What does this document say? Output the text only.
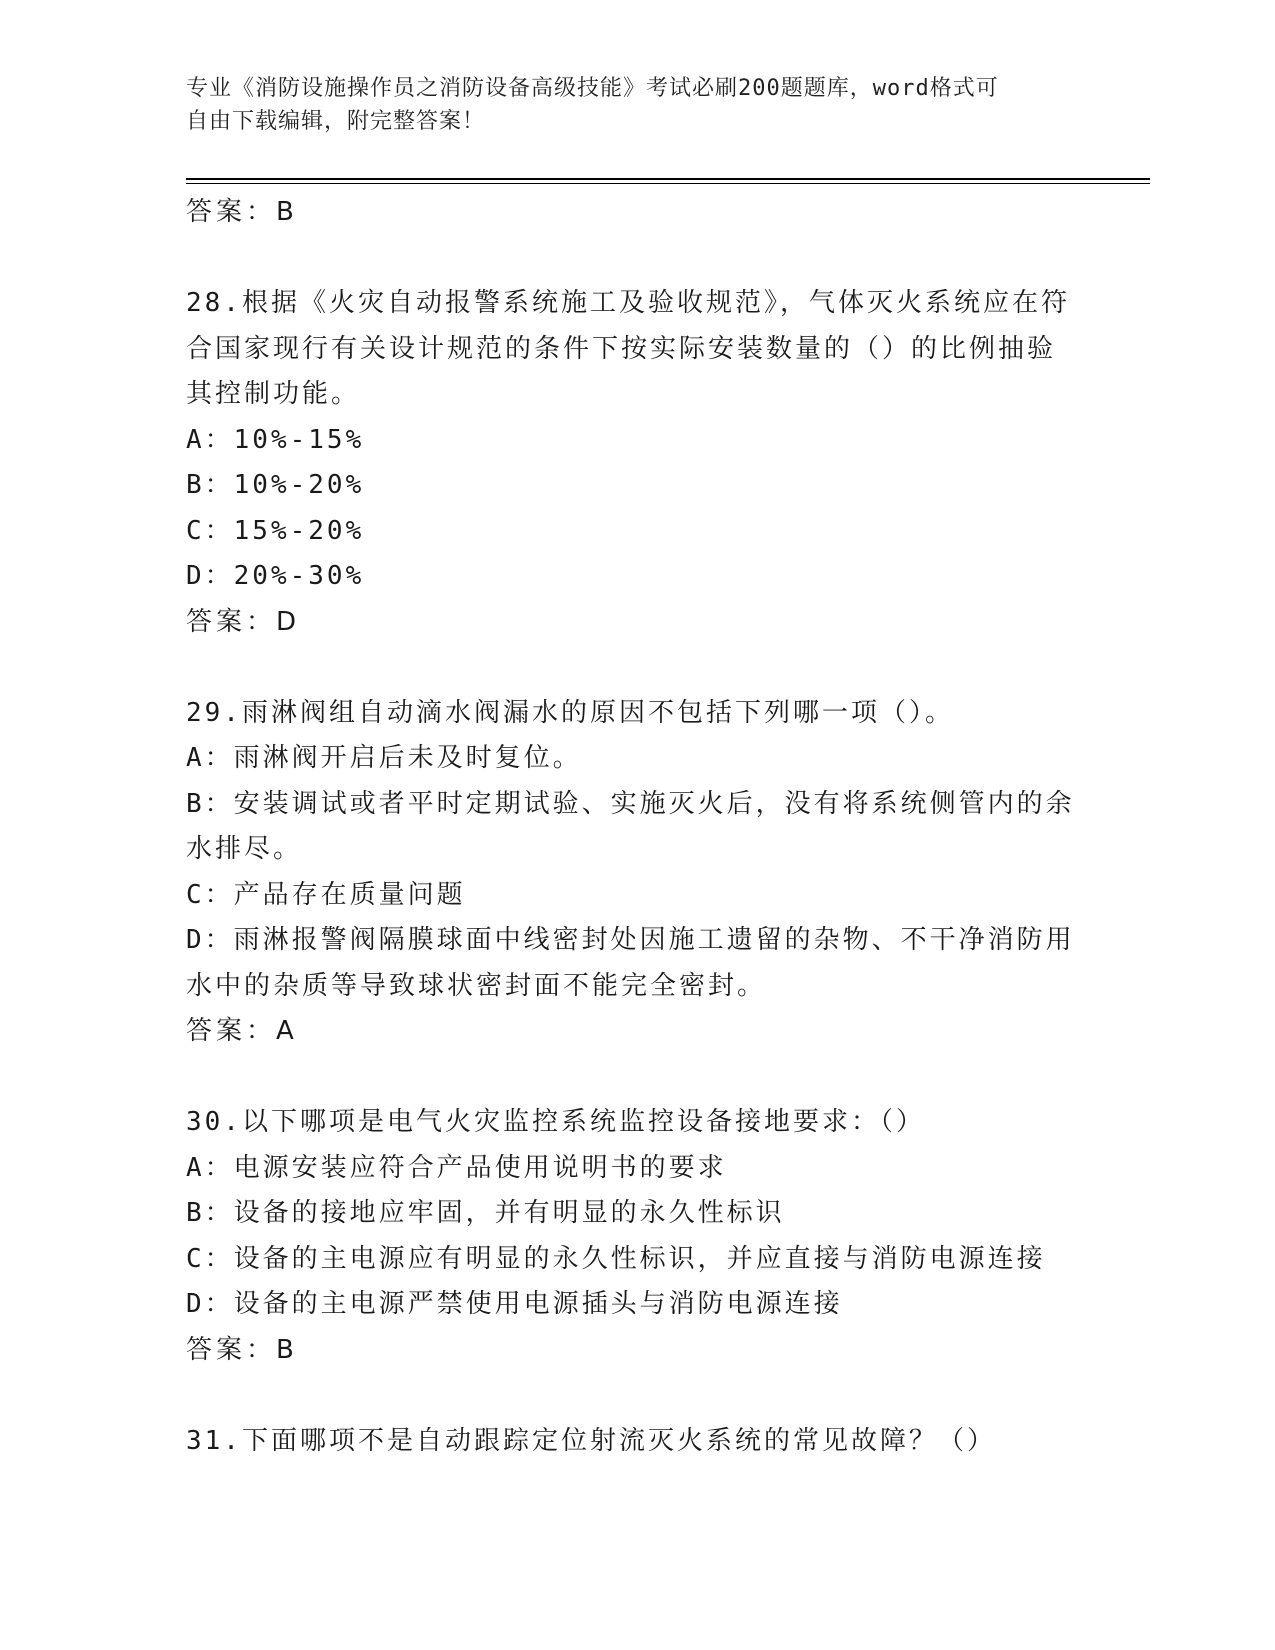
专业《消防设施操作员之消防设备高级技能》考试必刷200题题库，word格式可
自由下载编辑，附完整答案！
答案：B
28.根据《火灾自动报警系统施工及验收规范》，气体灭火系统应在符
合国家现行有关设计规范的条件下按实际安装数量的（）的比例抽验
其控制功能。
A：10%-15%
B：10%-20%
C：15%-20%
D：20%-30%
答案：D
29.雨淋阀组自动滴水阀漏水的原因不包括下列哪一项（）。
A：雨淋阀开启后未及时复位。
B：安装调试或者平时定期试验、实施灭火后，没有将系统侧管内的余
水排尽。
C：产品存在质量问题
D：雨淋报警阀隔膜球面中线密封处因施工遗留的杂物、不干净消防用
水中的杂质等导致球状密封面不能完全密封。
答案：A
30.以下哪项是电气火灾监控系统监控设备接地要求：（）
A：电源安装应符合产品使用说明书的要求
B：设备的接地应牢固，并有明显的永久性标识
C：设备的主电源应有明显的永久性标识，并应直接与消防电源连接
D：设备的主电源严禁使用电源插头与消防电源连接
答案：B
31.下面哪项不是自动跟踪定位射流灭火系统的常见故障？（）
